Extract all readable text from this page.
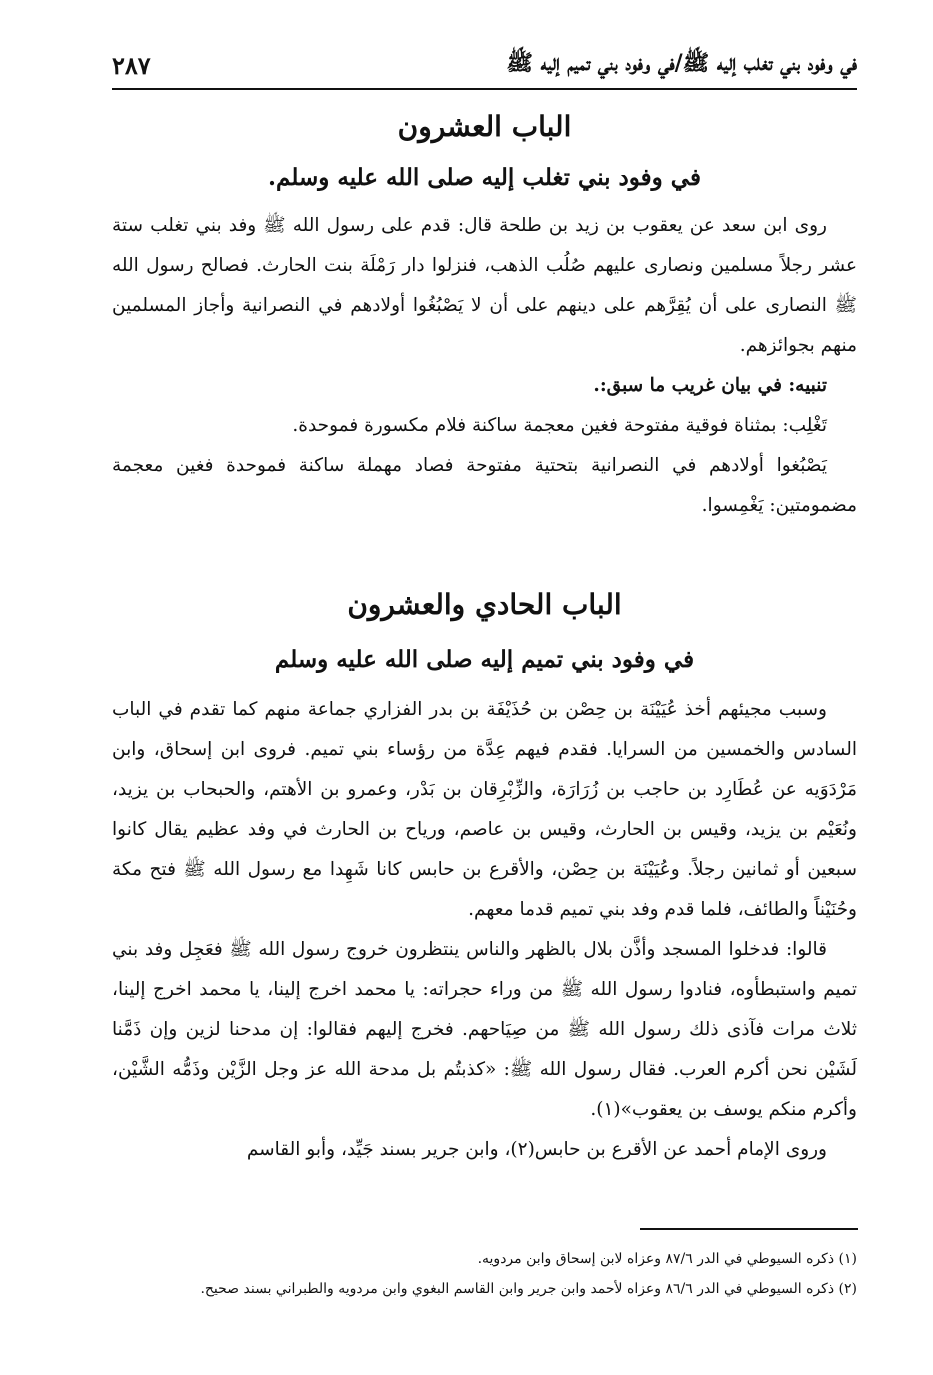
في وفود بني تغلب إليه ﷺ/في وفود بني تميم إليه ﷺ
٢٨٧
الباب العشرون
في وفود بني تغلب إليه صلى الله عليه وسلم.

روى ابن سعد عن يعقوب بن زيد بن طلحة قال: قدم على رسول الله ﷺ وفد بني تغلب ستة عشر رجلاً مسلمين ونصارى عليهم صُلُب الذهب، فنزلوا دار رَمْلَة بنت الحارث. فصالح رسول الله ﷺ النصارى على أن يُقِرَّهم على دينهم على أن لا يَصْبُغُوا أولادهم في النصرانية وأجاز المسلمين منهم بجوائزهم.

تنبيه: في بيان غريب ما سبق:.

تَغْلِب: بمثناة فوقية مفتوحة فغين معجمة ساكنة فلام مكسورة فموحدة.

يَصْبُغوا أولادهم في النصرانية بتحتية مفتوحة فصاد مهملة ساكنة فموحدة فغين معجمة مضمومتين: يَغْمِسوا.

الباب الحادي والعشرون
في وفود بني تميم إليه صلى الله عليه وسلم

وسبب مجيئهم أخذ عُيَيْنَة بن حِصْن بن حُذَيْفَة بن بدر الفزاري جماعة منهم كما تقدم في الباب السادس والخمسين من السرايا. فقدم فيهم عِدَّة من رؤساء بني تميم. فروى ابن إسحاق، وابن مَرْدَوَيه عن عُطَارِد بن حاجب بن زُرَارَة، والزِّبْرِقان بن بَدْر، وعمرو بن الأهتم، والحبحاب بن يزيد، ونُعَيْم بن يزيد، وقيس بن الحارث، وقيس بن عاصم، ورياح بن الحارث في وفد عظيم يقال كانوا سبعين أو ثمانين رجلاً. وعُيَيْنَة بن حِصْن، والأقرع بن حابس كانا شَهِدا مع رسول الله ﷺ فتح مكة وحُنَيْناً والطائف، فلما قدم وفد بني تميم قدما معهم.

قالوا: فدخلوا المسجد وأذَّن بلال بالظهر والناس ينتظرون خروج رسول الله ﷺ فعَجِل وفد بني تميم واستبطأوه، فنادوا رسول الله ﷺ من وراء حجراته: يا محمد اخرج إلينا، يا محمد اخرج إلينا، ثلاث مرات فآذى ذلك رسول الله ﷺ من صِيَاحهم. فخرج إليهم فقالوا: إن مدحنا لزين وإن ذَمَّنا لَشَيْن نحن أكرم العرب. فقال رسول الله ﷺ: «كذبتُم بل مدحة الله عز وجل الزَّيْن وذَمُّه الشَّيْن، وأكرم منكم يوسف بن يعقوب»(١).

وروى الإمام أحمد عن الأقرع بن حابس(٢)، وابن جرير بسند جَيِّد، وأبو القاسم

(١) ذكره السيوطي في الدر ٨٧/٦ وعزاه لابن إسحاق وابن مردويه.

(٢) ذكره السيوطي في الدر ٨٦/٦ وعزاه لأحمد وابن جرير وابن القاسم البغوي وابن مردويه والطبراني بسند صحيح.
